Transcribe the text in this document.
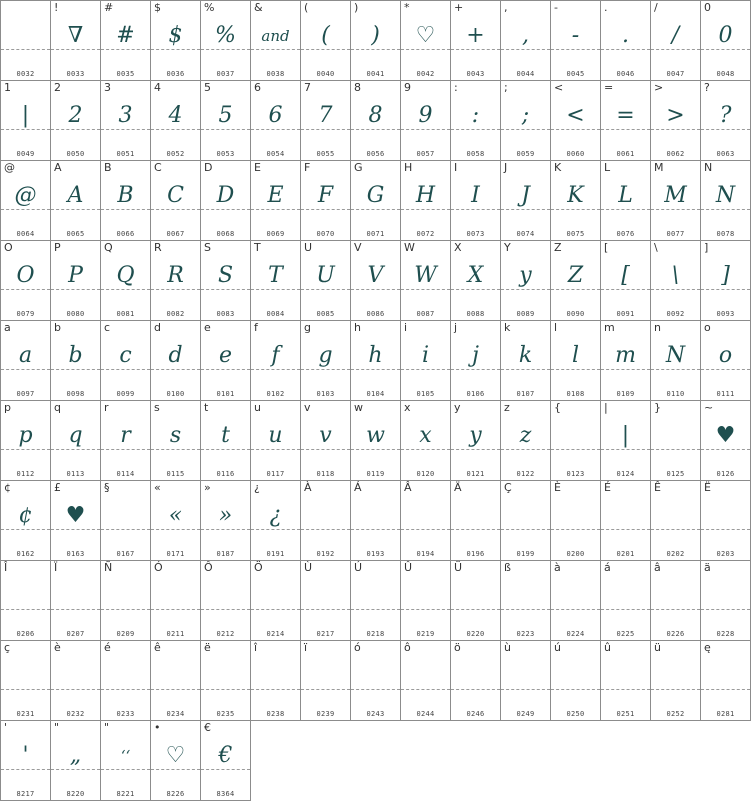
0032
!
∇
0033
#
#
0035
$
$
0036
%
%
0037
&
and
0038
(
(
0040
)
)
0041
*
♡
0042
+
+
0043
,
,
0044
-
-
0045
.
.
0046
/
/
0047
0
0
0048
1
|
0049
2
2
0050
3
3
0051
4
4
0052
5
5
0053
6
6
0054
7
7
0055
8
8
0056
9
9
0057
:
:
0058
;
;
0059
<
<
0060
=
=
0061
>
>
0062
?
?
0063
@
@
0064
A
A
0065
B
B
0066
C
C
0067
D
D
0068
E
E
0069
F
F
0070
G
G
0071
H
H
0072
I
I
0073
J
J
0074
K
K
0075
L
L
0076
M
M
0077
N
N
0078
O
O
0079
P
P
0080
Q
Q
0081
R
R
0082
S
S
0083
T
T
0084
U
U
0085
V
V
0086
W
W
0087
X
X
0088
Y
y
0089
Z
Z
0090
[
[
0091
\
\
0092
]
]
0093
a
a
0097
b
b
0098
c
c
0099
d
d
0100
e
e
0101
f
f
0102
g
g
0103
h
h
0104
i
i
0105
j
j
0106
k
k
0107
l
l
0108
m
m
0109
n
N
0110
o
o
0111
p
p
0112
q
q
0113
r
r
0114
s
s
0115
t
t
0116
u
u
0117
v
v
0118
w
w
0119
x
x
0120
y
y
0121
z
z
0122
{
0123
|
|
0124
}
0125
~
♥
0126
¢
¢
0162
£
♥
0163
§
0167
«
«
0171
»
»
0187
¿
¿
0191
À
0192
Á
0193
Â
0194
Ä
0196
Ç
0199
È
0200
É
0201
Ê
0202
Ë
0203
Î
0206
Ï
0207
Ñ
0209
Ó
0211
Ô
0212
Ö
0214
Ù
0217
Ú
0218
Û
0219
Ü
0220
ß
0223
à
0224
á
0225
â
0226
ä
0228
ç
0231
è
0232
é
0233
ê
0234
ë
0235
î
0238
ï
0239
ó
0243
ô
0244
ö
0246
ù
0249
ú
0250
û
0251
ü
0252
ę
0281
'
'
8217
"
„
8220
"
‘‘
8221
•
♡
8226
€
€
8364
